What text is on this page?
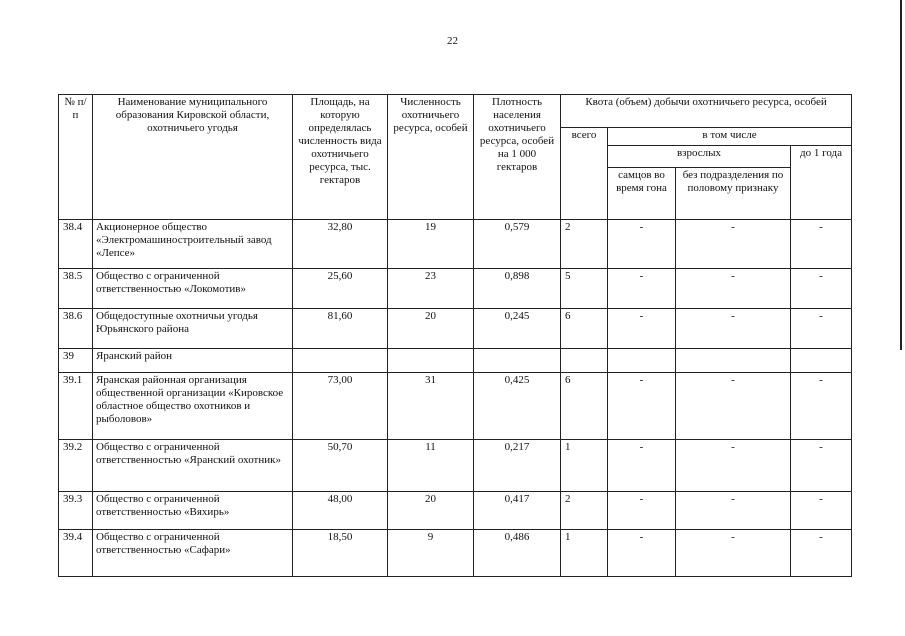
22
№ п/п	Наименование муниципального образования Кировской области, охотничьего угодья	Площадь, на которую определялась численность вида охотничьего ресурса, тыс. гектаров	Численность охотничьего ресурса, особей	Плотность населения охотничьего ресурса, особей на 1 000 гектаров	Квота (объем) добычи охотничьего ресурса, особей			
					всего	в том числе		
						взрослых		до 1 года
						самцов во время гона	без подразделения по половому признаку	
38.4	Акционерное общество «Электромашиностроительный завод «Лепсе»	32,80	19	0,579	2	-	-	-
38.5	Общество с ограниченной ответственностью «Локомотив»	25,60	23	0,898	5	-	-	-
38.6	Общедоступные охотничьи угодья Юрьянского района	81,60	20	0,245	6	-	-	-
39	Яранский район							
39.1	Яранская районная организация общественной организации «Кировское областное общество охотников и рыболовов»	73,00	31	0,425	6	-	-	-
39.2	Общество с ограниченной ответственностью «Яранский охотник»	50,70	11	0,217	1	-	-	-
39.3	Общество с ограниченной ответственностью «Вяхирь»	48,00	20	0,417	2	-	-	-
39.4	Общество с ограниченной ответственностью «Сафари»	18,50	9	0,486	1	-	-	-
